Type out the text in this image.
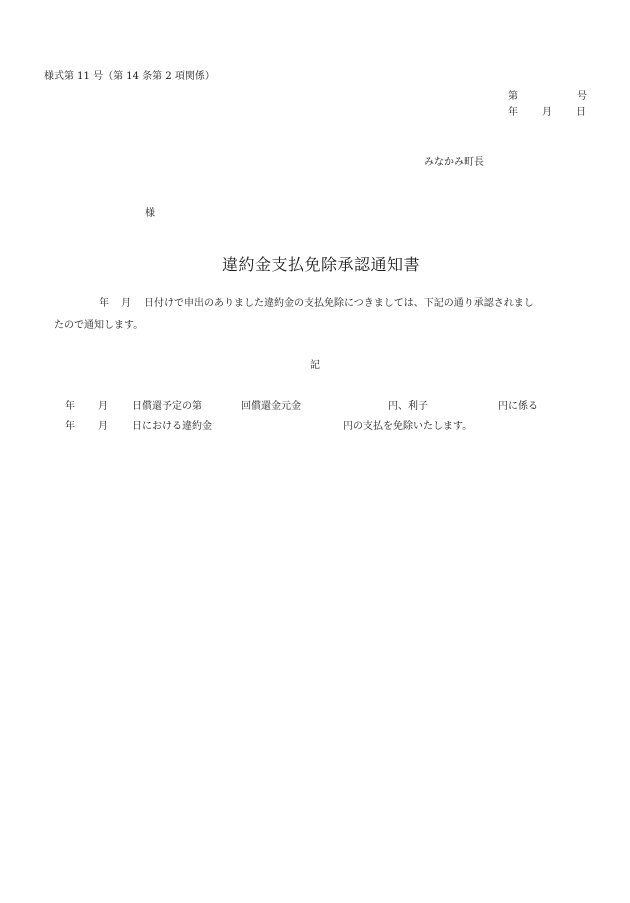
様式第 11 号（第 14 条第 2 項関係）
第	号
年 月 日
みなかみ町長
様
違約金支払免除承認通知書
年 月 日付けで申出のありました違約金の支払免除につきましては、下記の通り承認されまし
たので通知します。
記
年 月 日償還予定の第	回償還金元金	円、利子	円に係る
年 月 日における違約金	円の支払を免除いたします。
